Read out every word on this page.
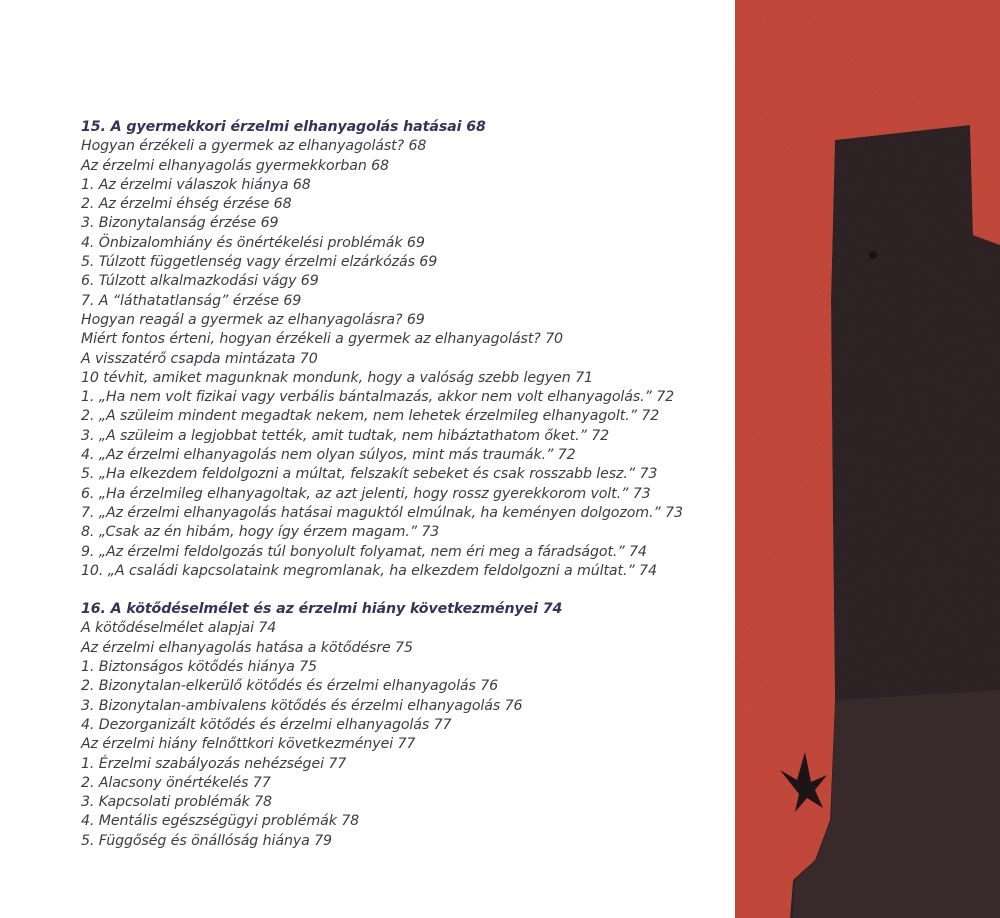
15. A gyermekkori érzelmi elhanyagolás hatásai 68

Hogyan érzékeli a gyermek az elhanyagolást? 68

Az érzelmi elhanyagolás gyermekkorban 68

1. Az érzelmi válaszok hiánya 68

2. Az érzelmi éhség érzése 68

3. Bizonytalanság érzése 69

4. Önbizalomhiány és önértékelési problémák 69

5. Túlzott függetlenség vagy érzelmi elzárkózás 69

6. Túlzott alkalmazkodási vágy 69

7. A “láthatatlanság” érzése 69

Hogyan reagál a gyermek az elhanyagolásra? 69

Miért fontos érteni, hogyan érzékeli a gyermek az elhanyagolást? 70

A visszatérő csapda mintázata 70

10 tévhit, amiket magunknak mondunk, hogy a valóság szebb legyen 71

1. „Ha nem volt fizikai vagy verbális bántalmazás, akkor nem volt elhanyagolás.” 72

2. „A szüleim mindent megadtak nekem, nem lehetek érzelmileg elhanyagolt.” 72

3. „A szüleim a legjobbat tették, amit tudtak, nem hibáztathatom őket.” 72

4. „Az érzelmi elhanyagolás nem olyan súlyos, mint más traumák.” 72

5. „Ha elkezdem feldolgozni a múltat, felszakít sebeket és csak rosszabb lesz.” 73

6. „Ha érzelmileg elhanyagoltak, az azt jelenti, hogy rossz gyerekkorom volt.” 73

7. „Az érzelmi elhanyagolás hatásai maguktól elmúlnak, ha keményen dolgozom.” 73

8. „Csak az én hibám, hogy így érzem magam.” 73

9. „Az érzelmi feldolgozás túl bonyolult folyamat, nem éri meg a fáradságot.” 74

10. „A családi kapcsolataink megromlanak, ha elkezdem feldolgozni a múltat.” 74

16. A kötődéselmélet és az érzelmi hiány következményei 74

A kötődéselmélet alapjai 74

Az érzelmi elhanyagolás hatása a kötődésre 75

1. Biztonságos kötődés hiánya 75

2. Bizonytalan-elkerülő kötődés és érzelmi elhanyagolás 76

3. Bizonytalan-ambivalens kötődés és érzelmi elhanyagolás 76

4. Dezorganizált kötődés és érzelmi elhanyagolás 77

Az érzelmi hiány felnőttkori következményei 77

1. Érzelmi szabályozás nehézségei 77

2. Alacsony önértékelés 77

3. Kapcsolati problémák 78

4. Mentális egészségügyi problémák 78

5. Függőség és önállóság hiánya 79
